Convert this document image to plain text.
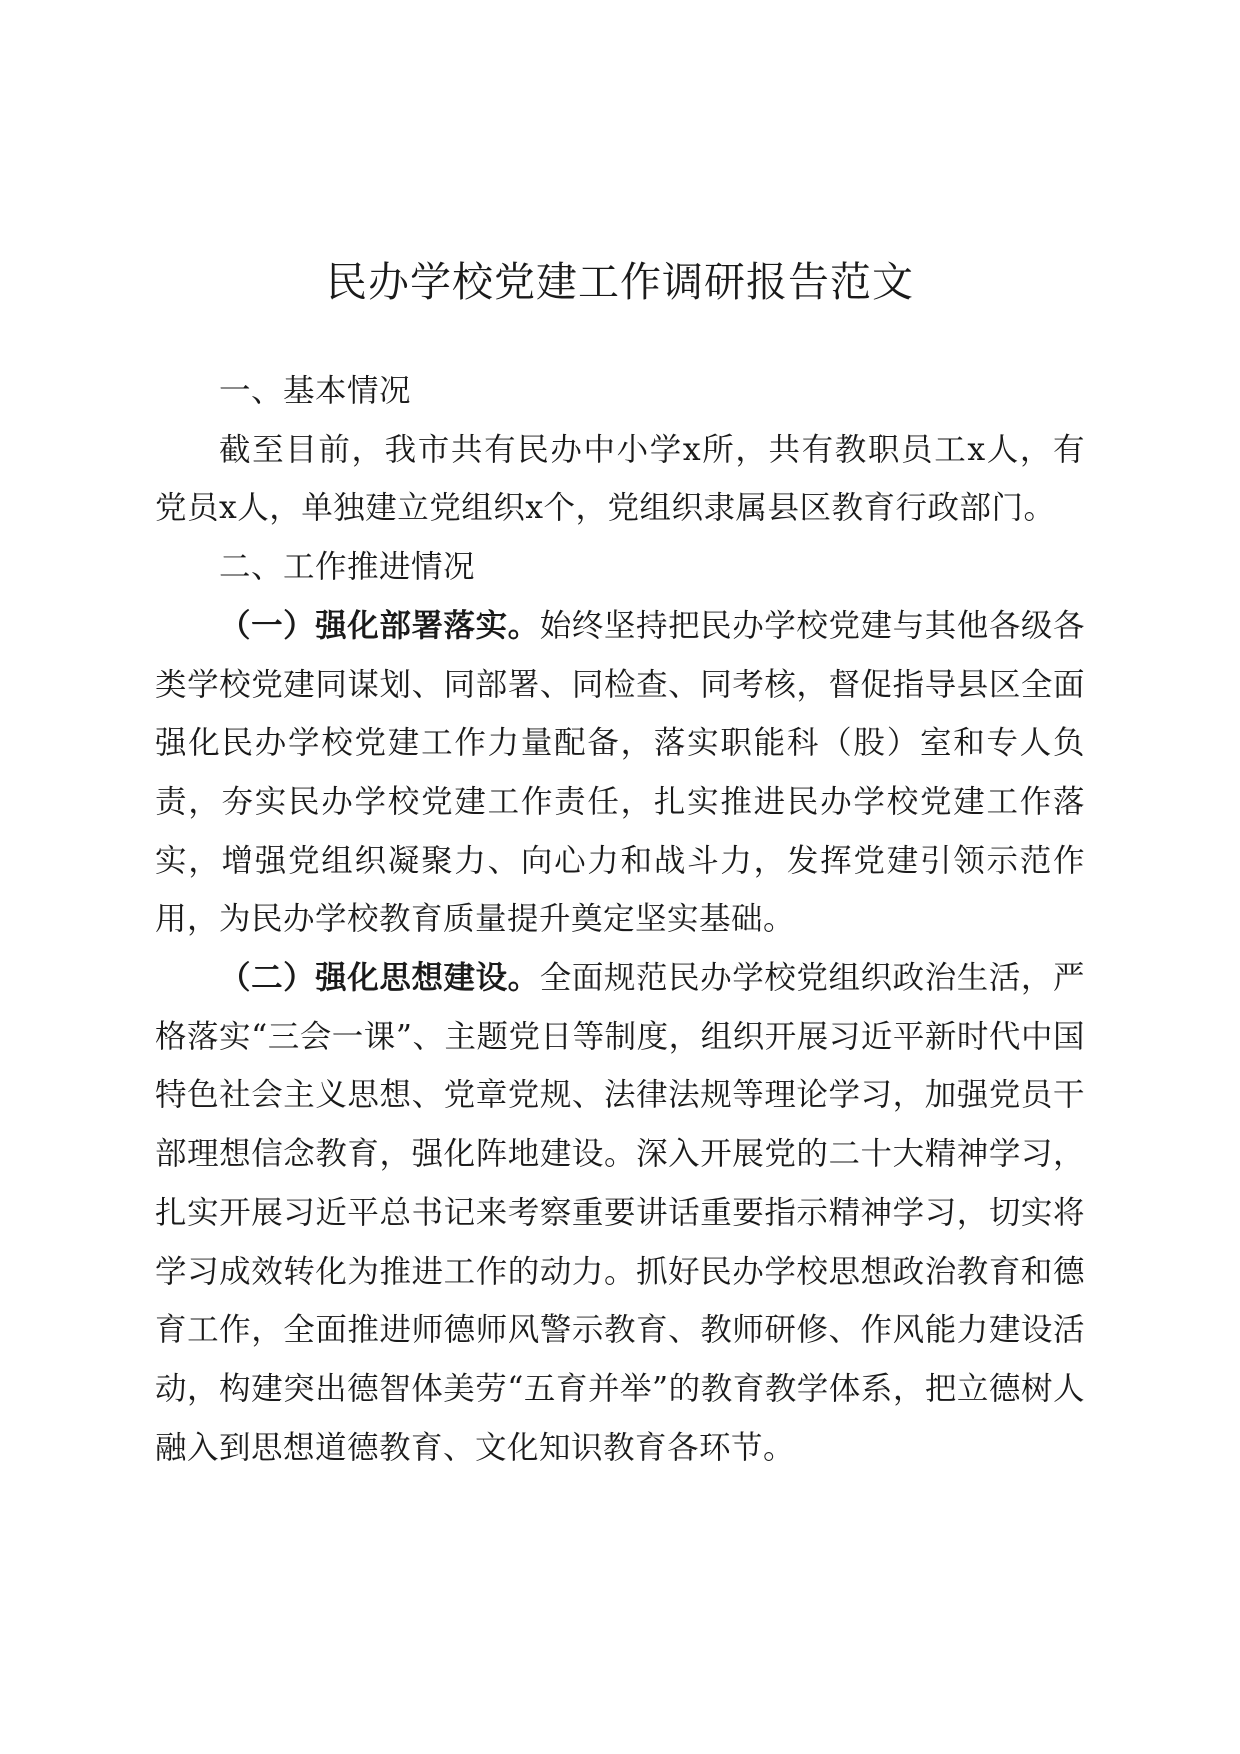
民办学校党建工作调研报告范文

一、基本情况

截至目前，我市共有民办中小学x所，共有教职员工x人，有党员x人，单独建立党组织x个，党组织隶属县区教育行政部门。

二、工作推进情况

（一）强化部署落实。始终坚持把民办学校党建与其他各级各类学校党建同谋划、同部署、同检查、同考核，督促指导县区全面强化民办学校党建工作力量配备，落实职能科（股）室和专人负责，夯实民办学校党建工作责任，扎实推进民办学校党建工作落实，增强党组织凝聚力、向心力和战斗力，发挥党建引领示范作用，为民办学校教育质量提升奠定坚实基础。

（二）强化思想建设。全面规范民办学校党组织政治生活，严格落实“三会一课”、主题党日等制度，组织开展习近平新时代中国特色社会主义思想、党章党规、法律法规等理论学习，加强党员干部理想信念教育，强化阵地建设。深入开展党的二十大精神学习，扎实开展习近平总书记来考察重要讲话重要指示精神学习，切实将学习成效转化为推进工作的动力。抓好民办学校思想政治教育和德育工作，全面推进师德师风警示教育、教师研修、作风能力建设活动，构建突出德智体美劳“五育并举”的教育教学体系，把立德树人融入到思想道德教育、文化知识教育各环节。
